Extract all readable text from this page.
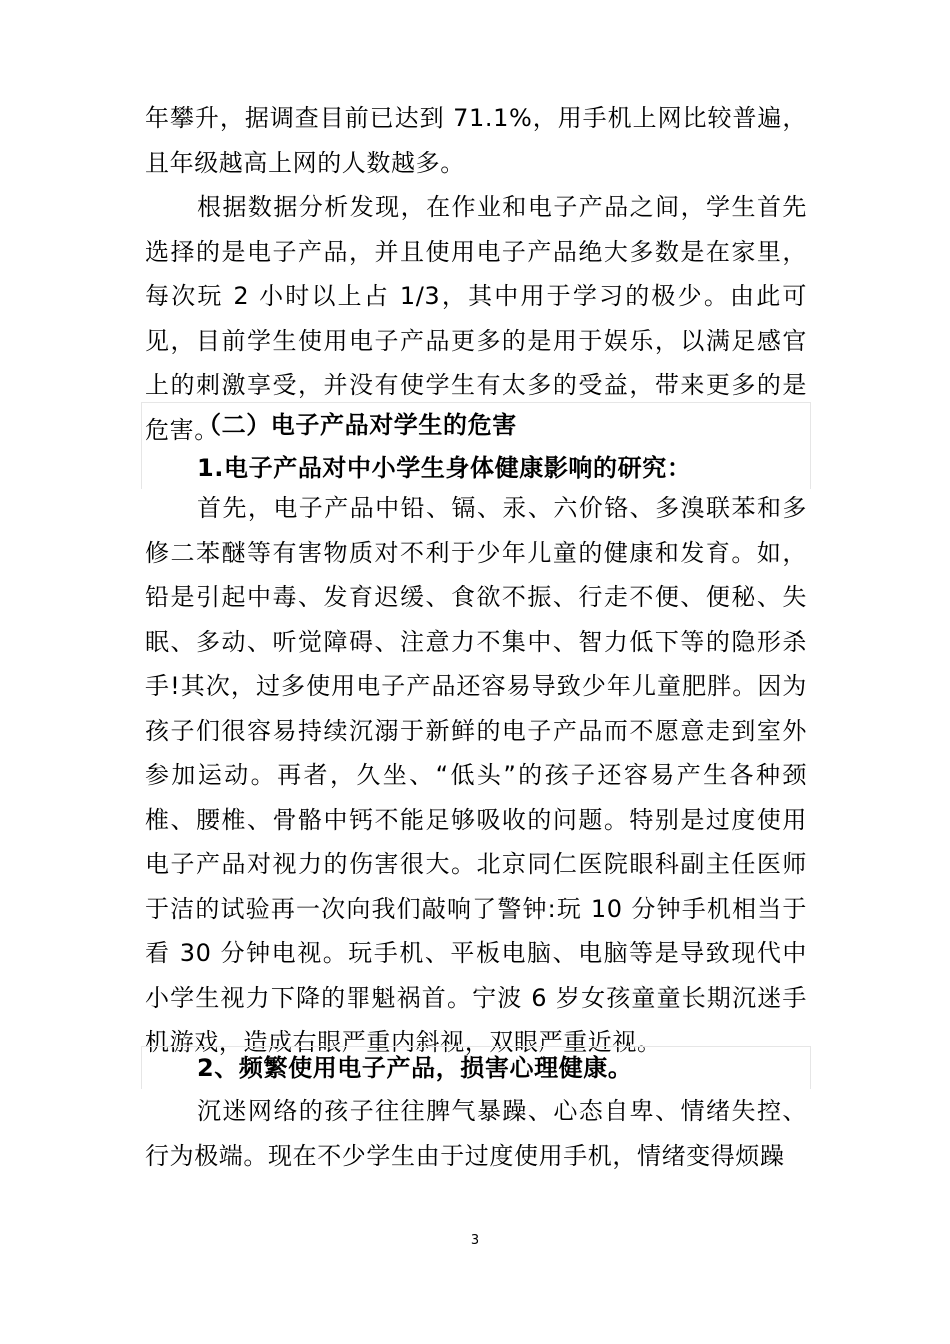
年攀升，据调查目前已达到 71.1%，用手机上网比较普遍，且年级越高上网的人数越多。

根据数据分析发现，在作业和电子产品之间，学生首先选择的是电子产品，并且使用电子产品绝大多数是在家里，每次玩 2 小时以上占 1/3，其中用于学习的极少。由此可见，目前学生使用电子产品更多的是用于娱乐，以满足感官上的刺激享受，并没有使学生有太多的受益，带来更多的是危害。

（二）电子产品对学生的危害
1.电子产品对中小学生身体健康影响的研究：

首先，电子产品中铅、镉、汞、六价铬、多溴联苯和多修二苯醚等有害物质对不利于少年儿童的健康和发育。如，铅是引起中毒、发育迟缓、食欲不振、行走不便、便秘、失眠、多动、听觉障碍、注意力不集中、智力低下等的隐形杀手!其次，过多使用电子产品还容易导致少年儿童肥胖。因为孩子们很容易持续沉溺于新鲜的电子产品而不愿意走到室外参加运动。再者，久坐、“低头”的孩子还容易产生各种颈椎、腰椎、骨骼中钙不能足够吸收的问题。特别是过度使用电子产品对视力的伤害很大。北京同仁医院眼科副主任医师于洁的试验再一次向我们敲响了警钟:玩 10 分钟手机相当于看 30 分钟电视。玩手机、平板电脑、电脑等是导致现代中小学生视力下降的罪魁祸首。宁波 6 岁女孩童童长期沉迷手机游戏，造成右眼严重内斜视，双眼严重近视。

2、频繁使用电子产品，损害心理健康。

沉迷网络的孩子往往脾气暴躁、心态自卑、情绪失控、行为极端。现在不少学生由于过度使用手机，情绪变得烦躁

3
